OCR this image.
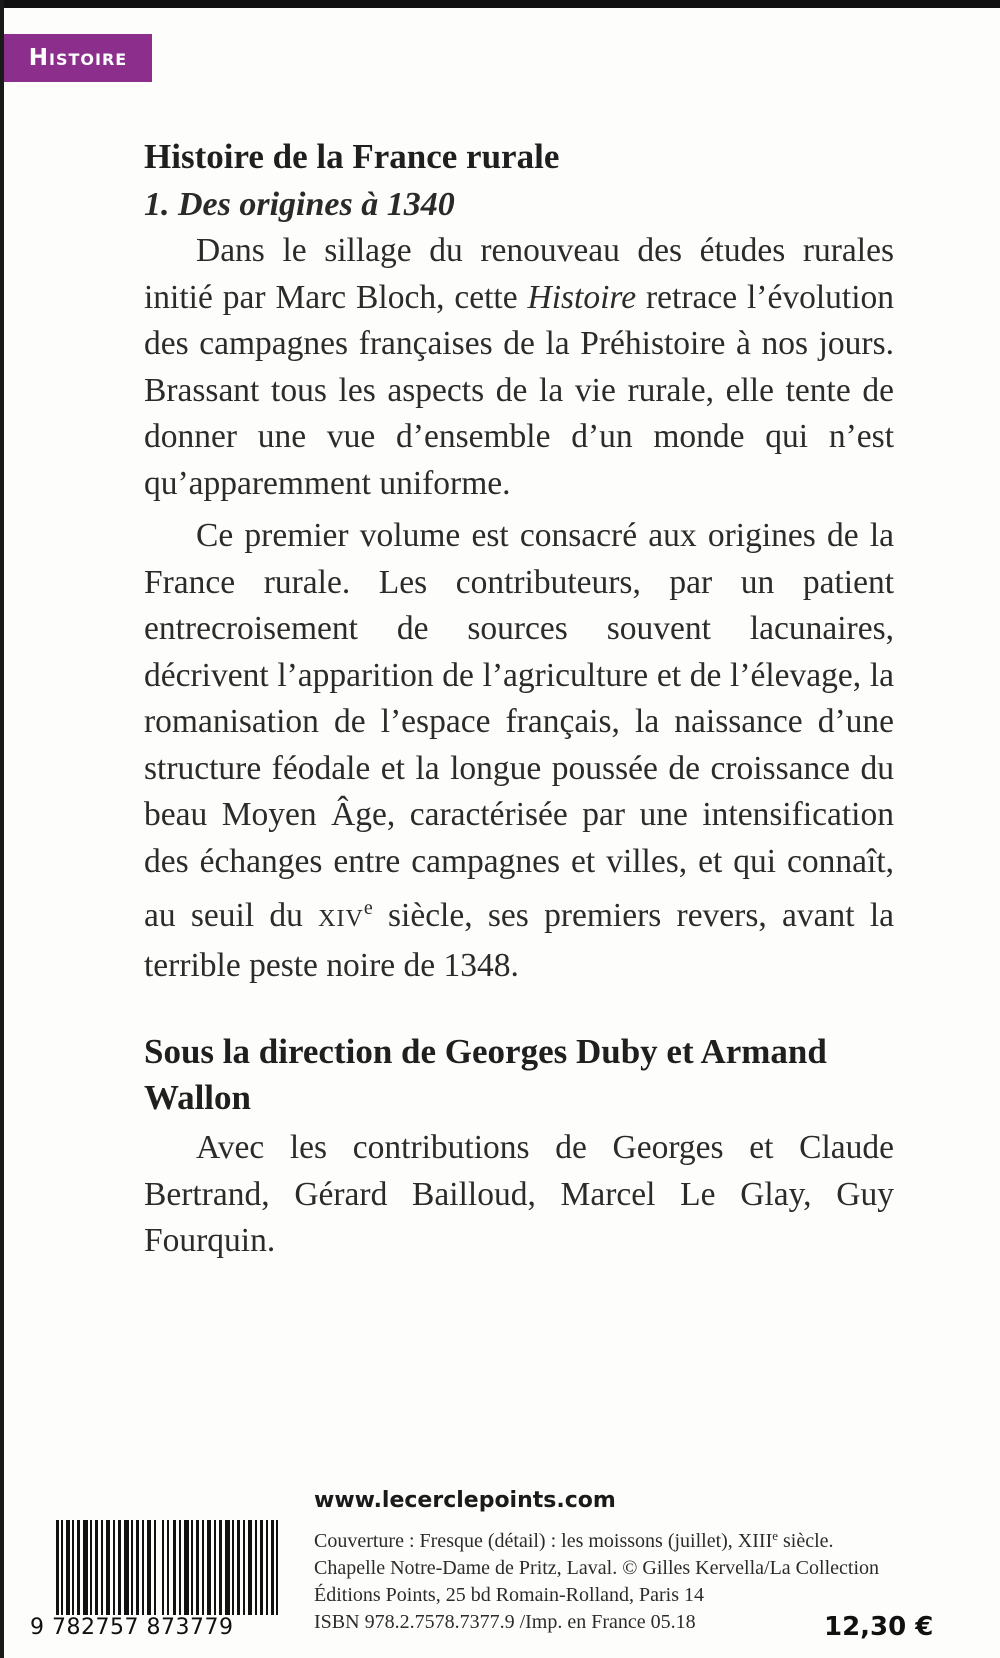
Histoire
Histoire de la France rurale
1. Des origines à 1340

Dans le sillage du renouveau des études rurales initié par Marc Bloch, cette Histoire retrace l’évolution des campagnes françaises de la Préhistoire à nos jours. Brassant tous les aspects de la vie rurale, elle tente de donner une vue d’ensemble d’un monde qui n’est qu’apparemment uniforme.

Ce premier volume est consacré aux origines de la France rurale. Les contributeurs, par un patient entrecroisement de sources souvent lacunaires, décrivent l’apparition de l’agriculture et de l’élevage, la romanisation de l’espace français, la naissance d’une structure féodale et la longue poussée de croissance du beau Moyen Âge, caractérisée par une intensification des échanges entre campagnes et villes, et qui connaît, au seuil du XIVe siècle, ses premiers revers, avant la terrible peste noire de 1348.

Sous la direction de Georges Duby et Armand Wallon

Avec les contributions de Georges et Claude Bertrand, Gérard Bailloud, Marcel Le Glay, Guy Fourquin.

www.lecerclepoints.com
9 782757 873779
Couverture : Fresque (détail) : les moissons (juillet), XIIIe siècle.
Chapelle Notre-Dame de Pritz, Laval. © Gilles Kervella/La Collection
Éditions Points, 25 bd Romain-Rolland, Paris 14
ISBN 978.2.7578.7377.9 /Imp. en France 05.18	12,30 €
